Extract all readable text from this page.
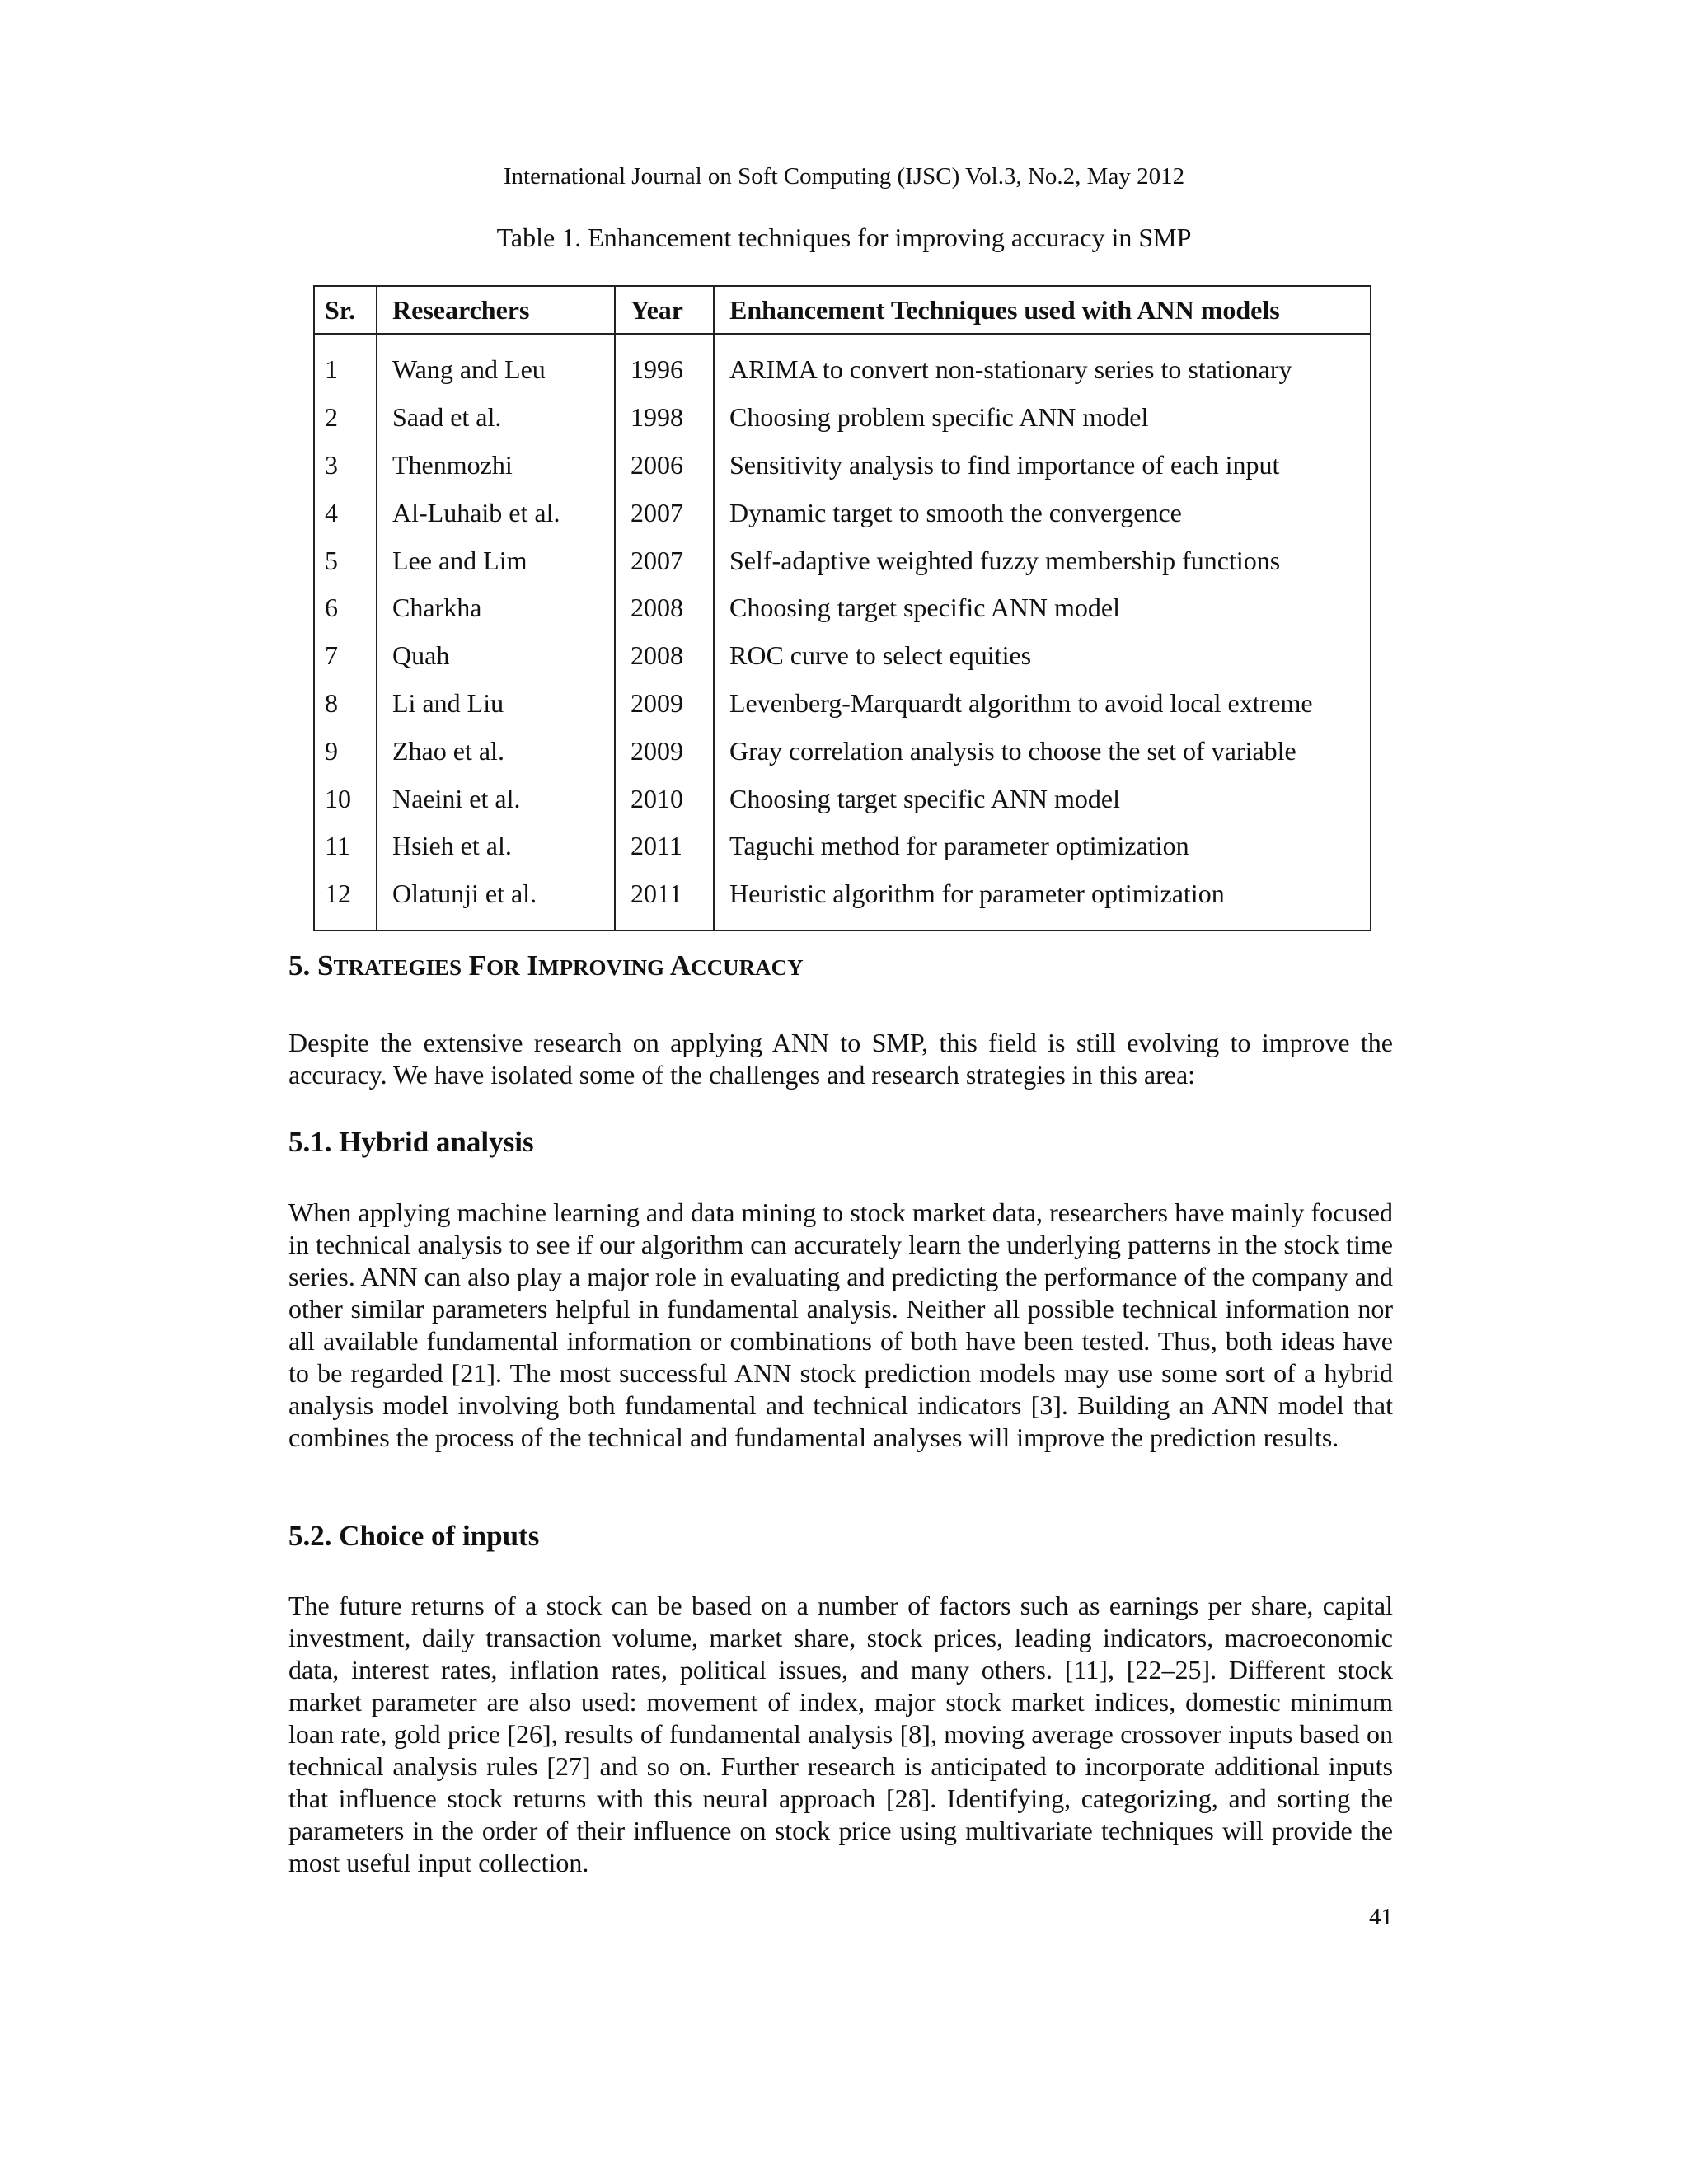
International Journal on Soft Computing (IJSC) Vol.3, No.2, May 2012
Table 1. Enhancement techniques for improving accuracy in SMP
Sr.	Researchers	Year	Enhancement Techniques used with ANN models

1	Wang and Leu	1996	ARIMA to convert non-stationary series to stationary
2	Saad et al.	1998	Choosing problem specific ANN model
3	Thenmozhi	2006	Sensitivity analysis to find importance of each input
4	Al-Luhaib et al.	2007	Dynamic target to smooth the convergence
5	Lee and Lim	2007	Self-adaptive weighted fuzzy membership functions
6	Charkha	2008	Choosing target specific ANN model
7	Quah	2008	ROC curve to select equities
8	Li and Liu	2009	Levenberg-Marquardt algorithm to avoid local extreme
9	Zhao et al.	2009	Gray correlation analysis to choose the set of variable
10	Naeini et al.	2010	Choosing target specific ANN model
11	Hsieh et al.	2011	Taguchi method for parameter optimization
12	Olatunji et al.	2011	Heuristic algorithm for parameter optimization

5. STRATEGIES FOR IMPROVING ACCURACY

Despite the extensive research on applying ANN to SMP, this field is still evolving to improve the accuracy. We have isolated some of the challenges and research strategies in this area:

5.1. Hybrid analysis

When applying machine learning and data mining to stock market data, researchers have mainly focused in technical analysis to see if our algorithm can accurately learn the underlying patterns in the stock time series. ANN can also play a major role in evaluating and predicting the performance of the company and other similar parameters helpful in fundamental analysis. Neither all possible technical information nor all available fundamental information or combinations of both have been tested. Thus, both ideas have to be regarded [21]. The most successful ANN stock prediction models may use some sort of a hybrid analysis model involving both fundamental and technical indicators [3]. Building an ANN model that combines the process of the technical and fundamental analyses will improve the prediction results.

5.2. Choice of inputs

The future returns of a stock can be based on a number of factors such as earnings per share, capital investment, daily transaction volume, market share, stock prices, leading indicators, macroeconomic data, interest rates, inflation rates, political issues, and many others. [11], [22–25]. Different stock market parameter are also used: movement of index, major stock market indices, domestic minimum loan rate, gold price [26], results of fundamental analysis [8], moving average crossover inputs based on technical analysis rules [27] and so on. Further research is anticipated to incorporate additional inputs that influence stock returns with this neural approach [28]. Identifying, categorizing, and sorting the parameters in the order of their influence on stock price using multivariate techniques will provide the most useful input collection.

41
